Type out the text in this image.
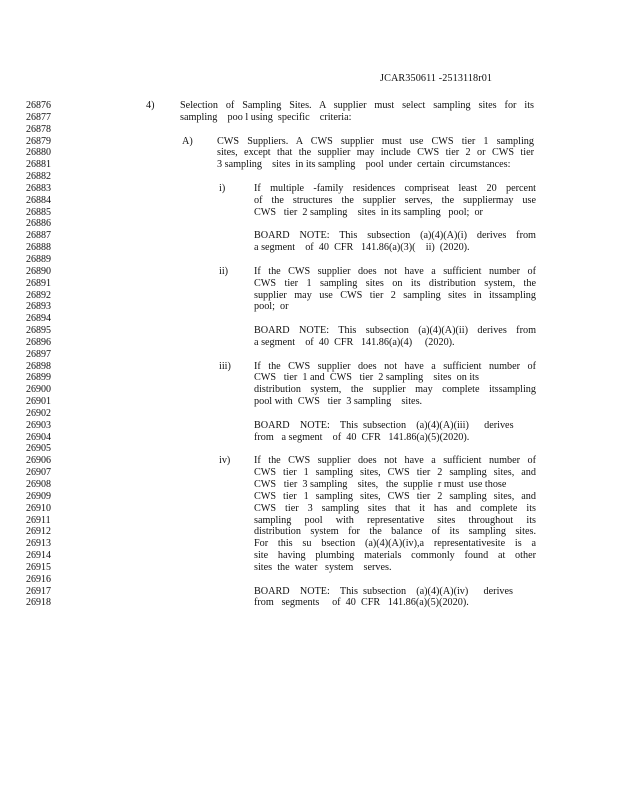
JCAR350611 -2513118r01
26876
26877
26878
26879
26880
26881
26882
26883
26884
26885
26886
26887
26888
26889
26890
26891
26892
26893
26894
26895
26896
26897
26898
26899
26900
26901
26902
26903
26904
26905
26906
26907
26908
26909
26910
26911
26912
26913
26914
26915
26916
26917
26918
4)	Selection of Sampling Sites. A supplier must select sampling sites for its
sampling    poo l using  specific    criteria:
A) CWS Suppliers. A CWS supplier must use CWS tier 1 sampling
sites, except that the supplier may include CWS tier 2 or CWS tier
3 sampling    sites  in its sampling    pool  under  certain  circumstances:
i)	If multiple -family residences compriseat least 20 percent
of the structures the supplier serves, the suppliermay use
CWS   tier  2 sampling    sites  in its sampling   pool;  or
BOARD NOTE: This subsection (a)(4)(A)(i) derives from
a segment    of  40  CFR   141.86(a)(3)(    ii)  (2020).
ii)	If the CWS supplier does not have a sufficient number of
CWS tier 1 sampling sites on its distribution system, the
supplier may use CWS tier 2 sampling sites in itssampling
pool;  or
BOARD NOTE: This subsection (a)(4)(A)(ii) derives from
a segment    of  40  CFR   141.86(a)(4)     (2020).
iii) If the CWS supplier does not have a sufficient number of
CWS   tier  1 and  CWS   tier  2 sampling    sites  on its
distribution system, the supplier may complete itssampling
pool with  CWS   tier  3 sampling    sites.
BOARD    NOTE:    This  subsection    (a)(4)(A)(iii)      derives
from   a segment    of  40  CFR   141.86(a)(5)(2020).
iv) If the CWS supplier does not have a sufficient number of
CWS tier 1 sampling sites, CWS tier 2 sampling sites, and
CWS   tier  3 sampling    sites,   the  supplie  r must  use those
CWS tier 1 sampling sites, CWS tier 2 sampling sites, and
CWS tier 3 sampling sites that it has and complete its
sampling pool with representative sites throughout its
distribution system for the balance of its sampling sites.
For this su bsection (a)(4)(A)(iv),a representativesite is a
site having plumbing materials commonly found at other
sites  the  water   system    serves.
BOARD    NOTE:    This  subsection    (a)(4)(A)(iv)      derives
from   segments     of  40  CFR   141.86(a)(5)(2020).
